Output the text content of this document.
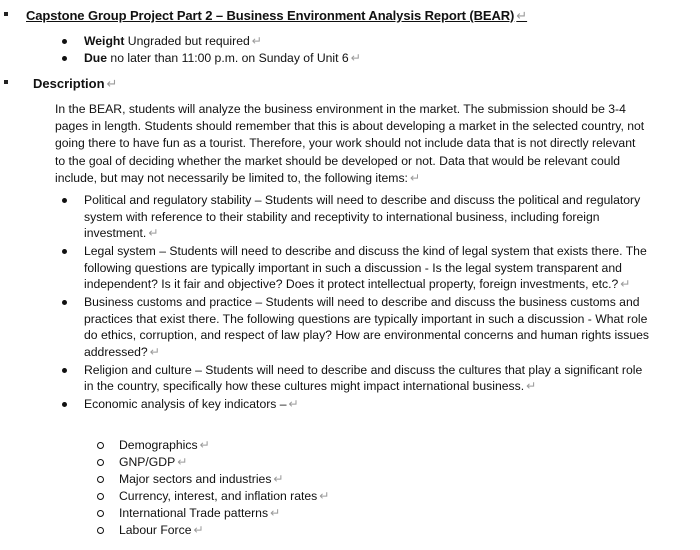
Capstone Group Project Part 2 – Business Environment Analysis Report (BEAR) ↵
Weight Ungraded but required ↵
Due no later than 11:00 p.m. on Sunday of Unit 6 ↵
Description ↵

In the BEAR, students will analyze the business environment in the market. The submission should be 3-4 pages in length. Students should remember that this is about developing a market in the selected country, not going there to have fun as a tourist. Therefore, your work should not include data that is not directly relevant to the goal of deciding whether the market should be developed or not. Data that would be relevant could include, but may not necessarily be limited to, the following items: ↵

Political and regulatory stability – Students will need to describe and discuss the political and regulatory system with reference to their stability and receptivity to international business, including foreign investment. ↵
Legal system – Students will need to describe and discuss the kind of legal system that exists there. The following questions are typically important in such a discussion - Is the legal system transparent and independent? Is it fair and objective? Does it protect intellectual property, foreign investments, etc.? ↵
Business customs and practice – Students will need to describe and discuss the business customs and practices that exist there. The following questions are typically important in such a discussion - What role do ethics, corruption, and respect of law play? How are environmental concerns and human rights issues addressed? ↵
Religion and culture – Students will need to describe and discuss the cultures that play a significant role in the country, specifically how these cultures might impact international business. ↵
Economic analysis of key indicators – ↵
Demographics ↵
GNP/GDP ↵
Major sectors and industries ↵
Currency, interest, and inflation rates ↵
International Trade patterns ↵
Labour Force ↵
